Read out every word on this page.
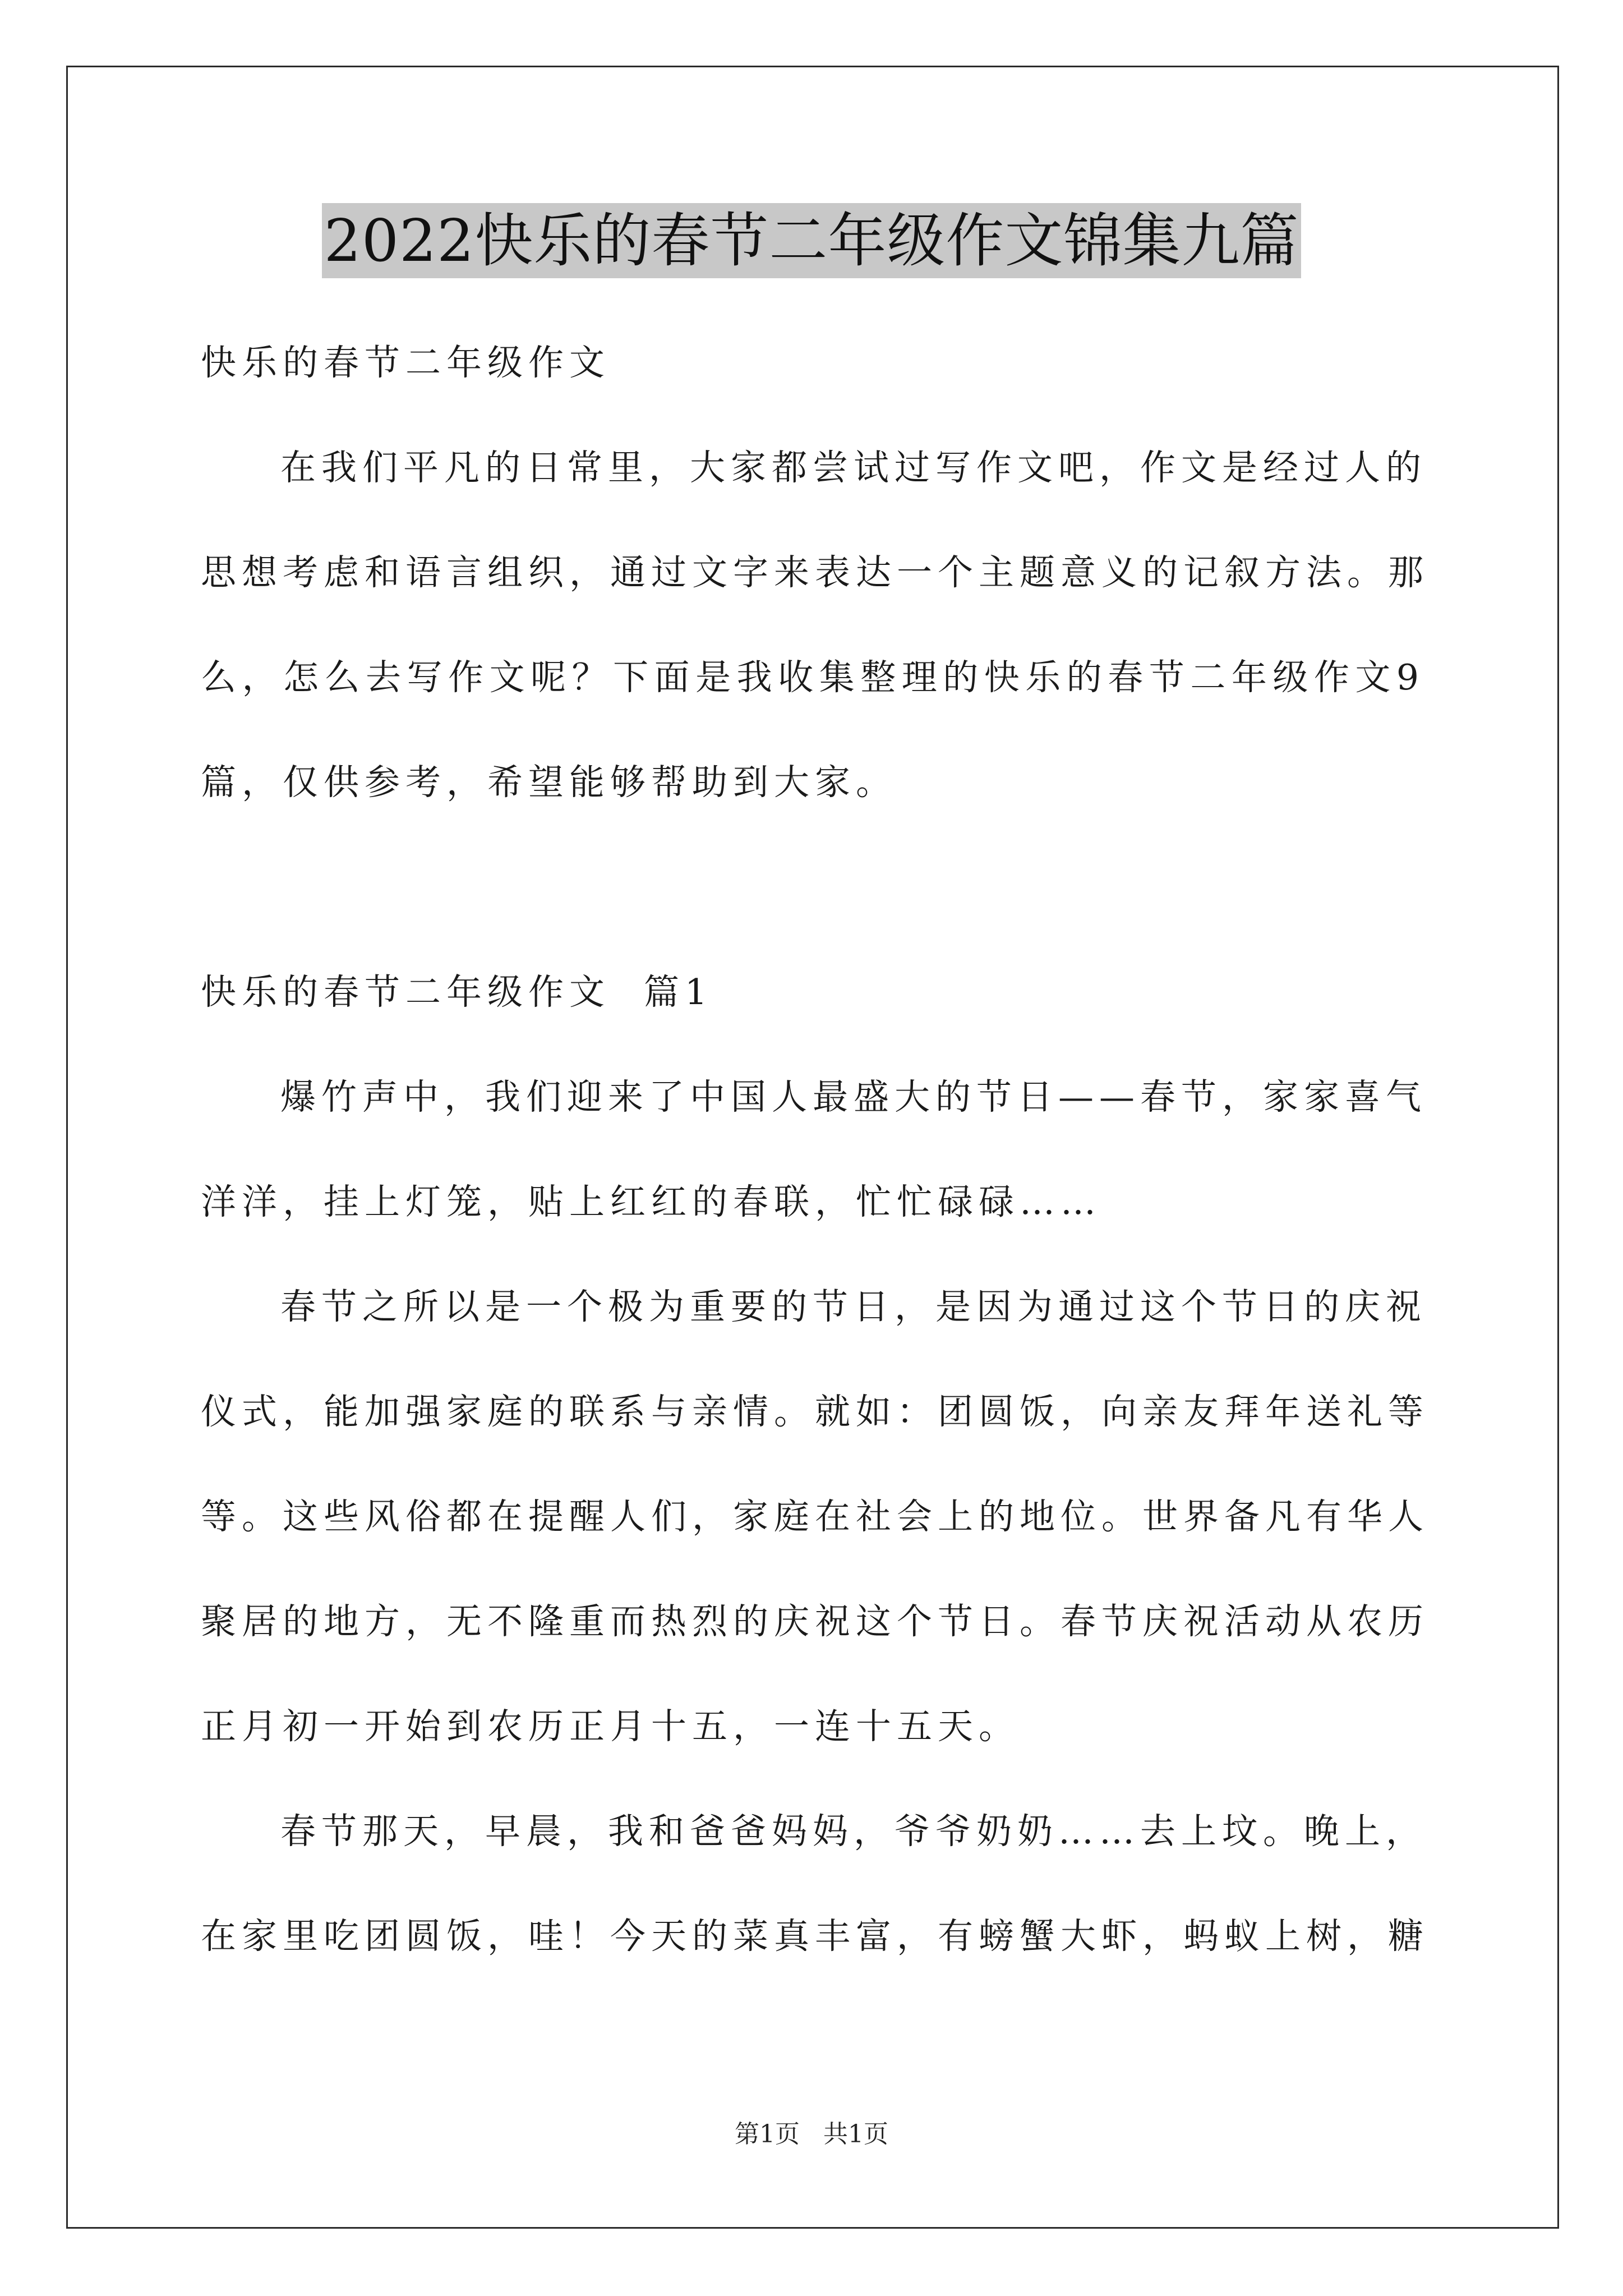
2022快乐的春节二年级作文锦集九篇
快乐的春节二年级作文
在我们平凡的日常里，大家都尝试过写作文吧，作文是经过人的
思想考虑和语言组织，通过文字来表达一个主题意义的记叙方法。那
么，怎么去写作文呢？下面是我收集整理的快乐的春节二年级作文9
篇，仅供参考，希望能够帮助到大家。
快乐的春节二年级作文  篇1
爆竹声中，我们迎来了中国人最盛大的节日——春节，家家喜气
洋洋，挂上灯笼，贴上红红的春联，忙忙碌碌……
春节之所以是一个极为重要的节日，是因为通过这个节日的庆祝
仪式，能加强家庭的联系与亲情。就如：团圆饭，向亲友拜年送礼等
等。这些风俗都在提醒人们，家庭在社会上的地位。世界备凡有华人
聚居的地方，无不隆重而热烈的庆祝这个节日。春节庆祝活动从农历
正月初一开始到农历正月十五，一连十五天。
春节那天，早晨，我和爸爸妈妈，爷爷奶奶……去上坟。晚上，
在家里吃团圆饭，哇！今天的菜真丰富，有螃蟹大虾，蚂蚁上树，糖
第1页   共1页
